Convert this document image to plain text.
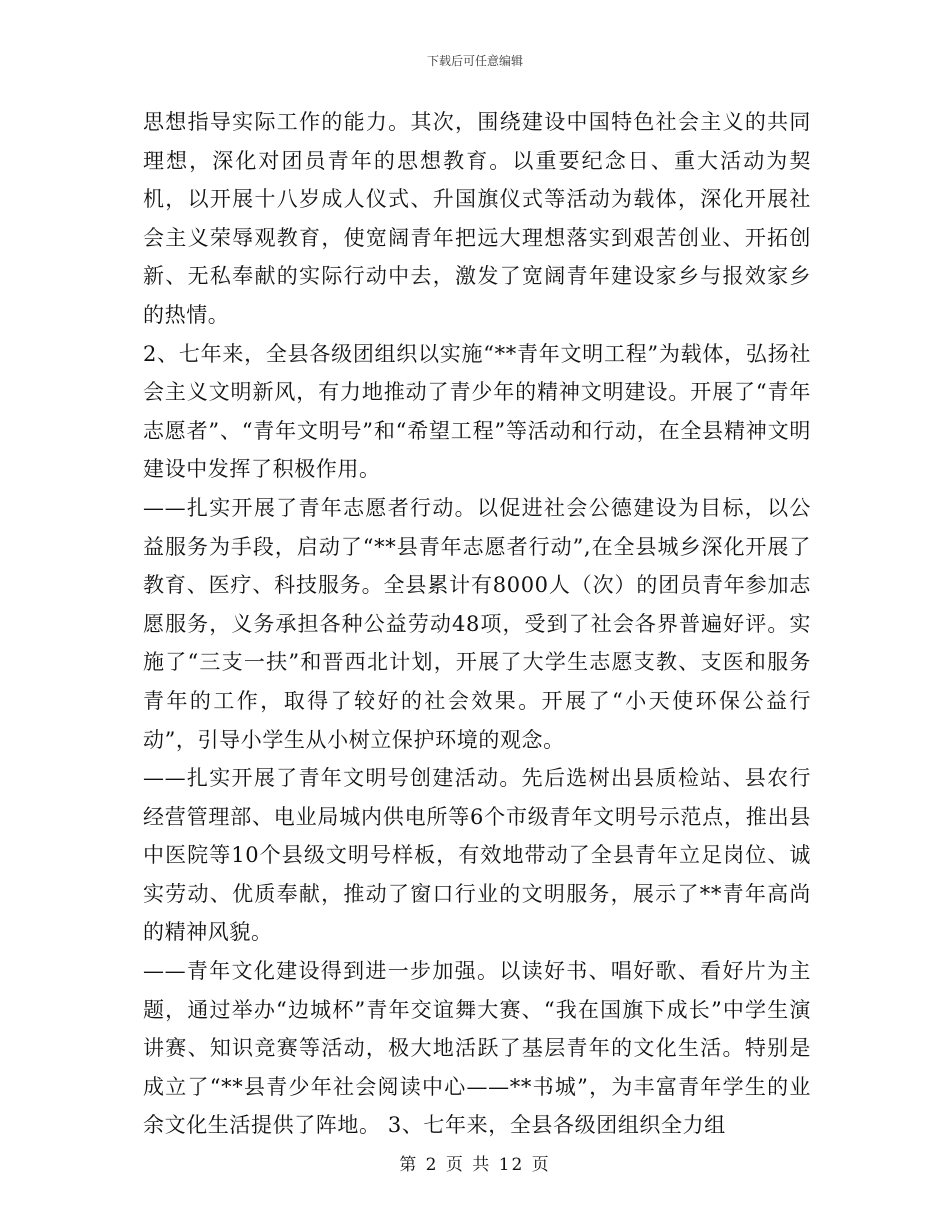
下载后可任意编辑

思想指导实际工作的能力。其次，围绕建设中国特色社会主义的共同理想，深化对团员青年的思想教育。以重要纪念日、重大活动为契机，以开展十八岁成人仪式、升国旗仪式等活动为载体，深化开展社会主义荣辱观教育，使宽阔青年把远大理想落实到艰苦创业、开拓创新、无私奉献的实际行动中去，激发了宽阔青年建设家乡与报效家乡的热情。

2、七年来，全县各级团组织以实施“**青年文明工程”为载体，弘扬社会主义文明新风，有力地推动了青少年的精神文明建设。开展了“青年志愿者”、“青年文明号”和“希望工程”等活动和行动，在全县精神文明建设中发挥了积极作用。

——扎实开展了青年志愿者行动。以促进社会公德建设为目标，以公益服务为手段，启动了“**县青年志愿者行动”,在全县城乡深化开展了教育、医疗、科技服务。全县累计有8000人（次）的团员青年参加志愿服务，义务承担各种公益劳动48项，受到了社会各界普遍好评。实施了“三支一扶”和晋西北计划，开展了大学生志愿支教、支医和服务青年的工作，取得了较好的社会效果。开展了“小天使环保公益行动”，引导小学生从小树立保护环境的观念。

——扎实开展了青年文明号创建活动。先后选树出县质检站、县农行经营管理部、电业局城内供电所等6个市级青年文明号示范点，推出县中医院等10个县级文明号样板，有效地带动了全县青年立足岗位、诚实劳动、优质奉献，推动了窗口行业的文明服务，展示了**青年高尚的精神风貌。

——青年文化建设得到进一步加强。以读好书、唱好歌、看好片为主题，通过举办“边城杯”青年交谊舞大赛、“我在国旗下成长”中学生演讲赛、知识竞赛等活动，极大地活跃了基层青年的文化生活。特别是成立了“**县青少年社会阅读中心——**书城”，为丰富青年学生的业余文化生活提供了阵地。 3、七年来，全县各级团组织全力组

第 2 页 共 12 页
